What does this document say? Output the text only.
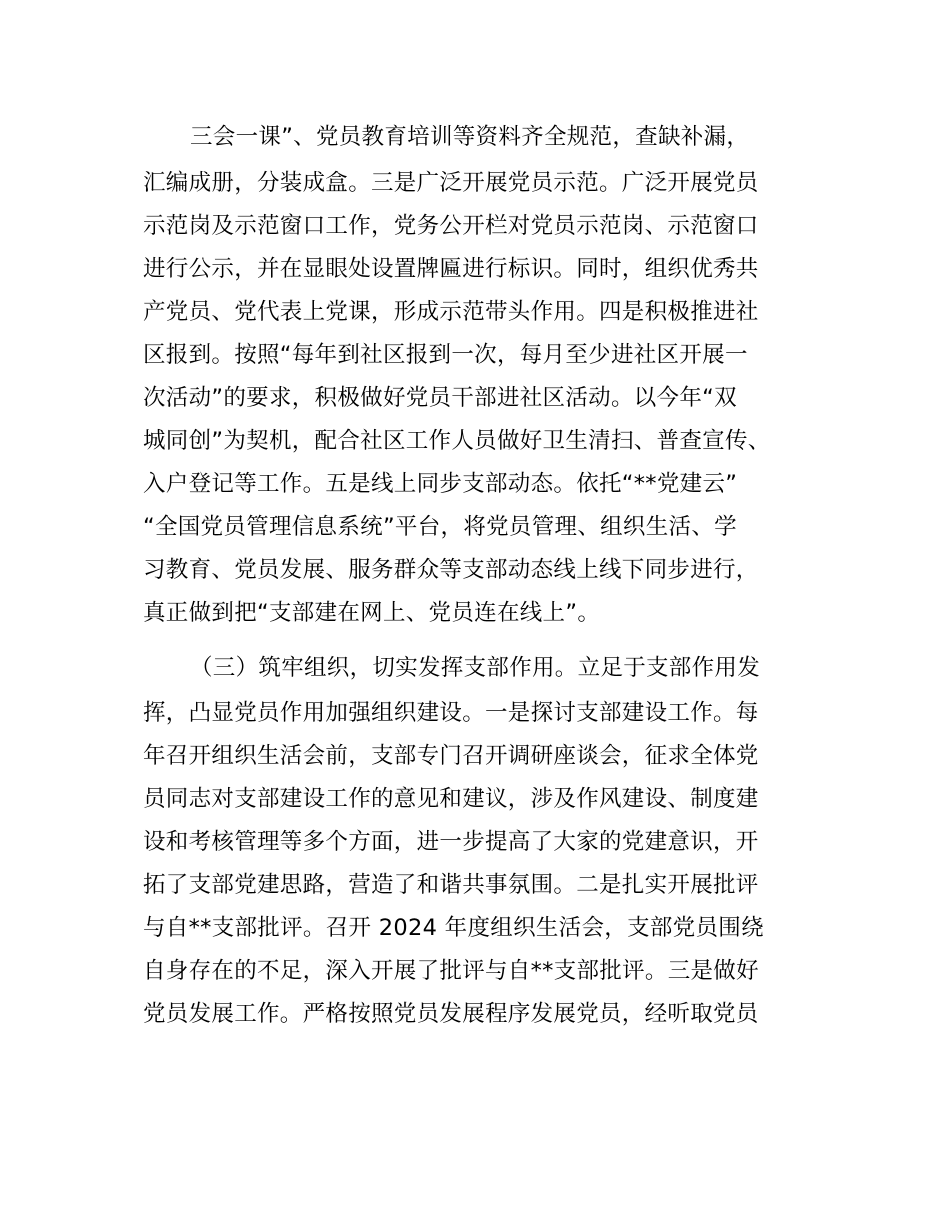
三会一课”、党员教育培训等资料齐全规范，查缺补漏，
汇编成册，分装成盒。三是广泛开展党员示范。广泛开展党员
示范岗及示范窗口工作，党务公开栏对党员示范岗、示范窗口
进行公示，并在显眼处设置牌匾进行标识。同时，组织优秀共
产党员、党代表上党课，形成示范带头作用。四是积极推进社
区报到。按照“每年到社区报到一次，每月至少进社区开展一
次活动”的要求，积极做好党员干部进社区活动。以今年“双
城同创”为契机，配合社区工作人员做好卫生清扫、普查宣传、
入户登记等工作。五是线上同步支部动态。依托“**党建云”
“全国党员管理信息系统”平台，将党员管理、组织生活、学
习教育、党员发展、服务群众等支部动态线上线下同步进行，
真正做到把“支部建在网上、党员连在线上”。
（三）筑牢组织，切实发挥支部作用。立足于支部作用发
挥，凸显党员作用加强组织建设。一是探讨支部建设工作。每
年召开组织生活会前，支部专门召开调研座谈会，征求全体党
员同志对支部建设工作的意见和建议，涉及作风建设、制度建
设和考核管理等多个方面，进一步提高了大家的党建意识，开
拓了支部党建思路，营造了和谐共事氛围。二是扎实开展批评
与自**支部批评。召开 2024 年度组织生活会，支部党员围绕
自身存在的不足，深入开展了批评与自**支部批评。三是做好
党员发展工作。严格按照党员发展程序发展党员，经听取党员
